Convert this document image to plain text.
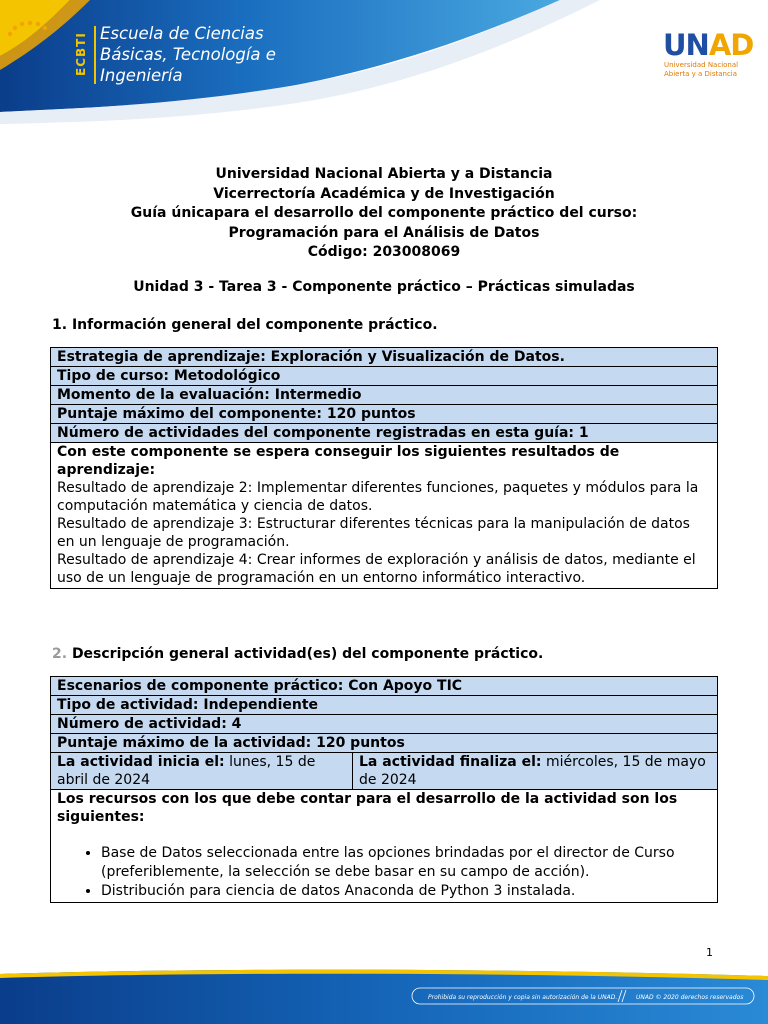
ECBTI Escuela de Ciencias
Básicas, Tecnología e
Ingeniería
UNAD
Universidad Nacional
Abierta y a Distancia
Universidad Nacional Abierta y a Distancia
Vicerrectoría Académica y de Investigación
Guía únicapara el desarrollo del componente práctico del curso:
Programación para el Análisis de Datos
Código: 203008069
Unidad 3 - Tarea 3 - Componente práctico – Prácticas simuladas
1. Información general del componente práctico.
Estrategia de aprendizaje: Exploración y Visualización de Datos.
Tipo de curso: Metodológico
Momento de la evaluación: Intermedio
Puntaje máximo del componente: 120 puntos
Número de actividades del componente registradas en esta guía: 1

Con este componente se espera conseguir los siguientes resultados de aprendizaje:
Resultado de aprendizaje 2: Implementar diferentes funciones, paquetes y módulos para la computación matemática y ciencia de datos.
Resultado de aprendizaje 3: Estructurar diferentes técnicas para la manipulación de datos en un lenguaje de programación.
Resultado de aprendizaje 4: Crear informes de exploración y análisis de datos, mediante el uso de un lenguaje de programación en un entorno informático interactivo.
2. Descripción general actividad(es) del componente práctico.
Escenarios de componente práctico: Con Apoyo TIC
Tipo de actividad: Independiente
Número de actividad: 4
Puntaje máximo de la actividad: 120 puntos
La actividad inicia el: lunes, 15 de abril de 2024	La actividad finaliza el: miércoles, 15 de mayo de 2024

Los recursos con los que debe contar para el desarrollo de la actividad son los siguientes:
• Base de Datos seleccionada entre las opciones brindadas por el director de Curso (preferiblemente, la selección se debe basar en su campo de acción).
• Distribución para ciencia de datos Anaconda de Python 3 instalada.
1
Prohibida su reproducción y copia sin autorización de la UNAD.	UNAD © 2020 derechos reservados
